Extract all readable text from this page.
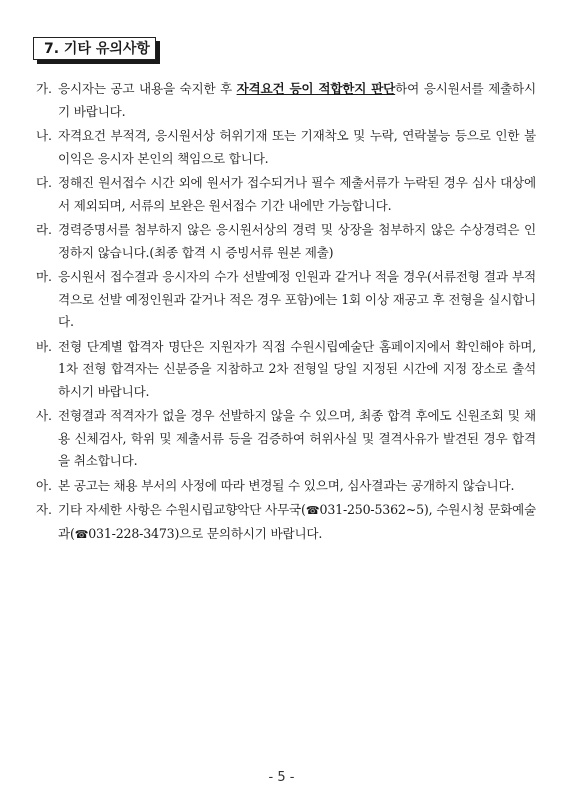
7. 기타 유의사항
가. 응시자는 공고 내용을 숙지한 후 자격요건 등이 적합한지 판단하여 응시원서를 제출하시기 바랍니다.
나. 자격요건 부적격, 응시원서상 허위기재 또는 기재착오 및 누락, 연락불능 등으로 인한 불이익은 응시자 본인의 책임으로 합니다.
다. 정해진 원서접수 시간 외에 원서가 접수되거나 필수 제출서류가 누락된 경우 심사 대상에서 제외되며, 서류의 보완은 원서접수 기간 내에만 가능합니다.
라. 경력증명서를 첨부하지 않은 응시원서상의 경력 및 상장을 첨부하지 않은 수상경력은 인정하지 않습니다.(최종 합격 시 증빙서류 원본 제출)
마. 응시원서 접수결과 응시자의 수가 선발예정 인원과 같거나 적을 경우(서류전형 결과 부적격으로 선발 예정인원과 같거나 적은 경우 포함)에는 1회 이상 재공고 후 전형을 실시합니다.
바. 전형 단계별 합격자 명단은 지원자가 직접 수원시립예술단 홈페이지에서 확인해야 하며, 1차 전형 합격자는 신분증을 지참하고 2차 전형일 당일 지정된 시간에 지정 장소로 출석하시기 바랍니다.
사. 전형결과 적격자가 없을 경우 선발하지 않을 수 있으며, 최종 합격 후에도 신원조회 및 채용 신체검사, 학위 및 제출서류 등을 검증하여 허위사실 및 결격사유가 발견된 경우 합격을 취소합니다.
아. 본 공고는 채용 부서의 사정에 따라 변경될 수 있으며, 심사결과는 공개하지 않습니다.
자. 기타 자세한 사항은 수원시립교향악단 사무국(☎031-250-5362~5), 수원시청 문화예술과(☎031-228-3473)으로 문의하시기 바랍니다.
- 5 -
